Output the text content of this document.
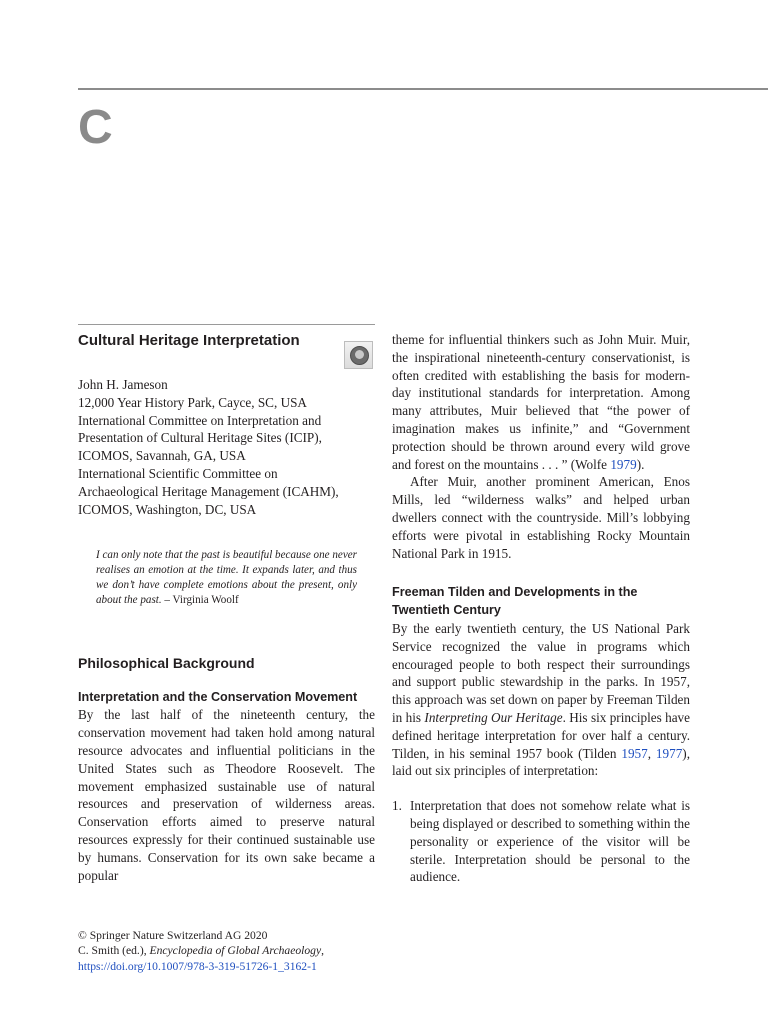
C
Cultural Heritage Interpretation
John H. Jameson
12,000 Year History Park, Cayce, SC, USA
International Committee on Interpretation and
Presentation of Cultural Heritage Sites (ICIP),
ICOMOS, Savannah, GA, USA
International Scientific Committee on
Archaeological Heritage Management (ICAHM),
ICOMOS, Washington, DC, USA

I can only note that the past is beautiful because one never realises an emotion at the time. It expands later, and thus we don’t have complete emotions about the present, only about the past. – Virginia Woolf

Philosophical Background
Interpretation and the Conservation Movement

By the last half of the nineteenth century, the conservation movement had taken hold among natural resource advocates and influential politicians in the United States such as Theodore Roosevelt. The movement emphasized sustainable use of natural resources and preservation of wilderness areas. Conservation efforts aimed to preserve natural resources expressly for their continued sustainable use by humans. Conservation for its own sake became a popular

theme for influential thinkers such as John Muir. Muir, the inspirational nineteenth-century conservationist, is often credited with establishing the basis for modern-day institutional standards for interpretation. Among many attributes, Muir believed that “the power of imagination makes us infinite,” and “Government protection should be thrown around every wild grove and forest on the mountains . . . ” (Wolfe 1979).

After Muir, another prominent American, Enos Mills, led “wilderness walks” and helped urban dwellers connect with the countryside. Mill’s lobbying efforts were pivotal in establishing Rocky Mountain National Park in 1915.

Freeman Tilden and Developments in the Twentieth Century

By the early twentieth century, the US National Park Service recognized the value in programs which encouraged people to both respect their surroundings and support public stewardship in the parks. In 1957, this approach was set down on paper by Freeman Tilden in his Interpreting Our Heritage. His six principles have defined heritage interpretation for over half a century. Tilden, in his seminal 1957 book (Tilden 1957, 1977), laid out six principles of interpretation:

1. Interpretation that does not somehow relate what is being displayed or described to something within the personality or experience of the visitor will be sterile. Interpretation should be personal to the audience.
© Springer Nature Switzerland AG 2020
C. Smith (ed.), Encyclopedia of Global Archaeology,
https://doi.org/10.1007/978-3-319-51726-1_3162-1
